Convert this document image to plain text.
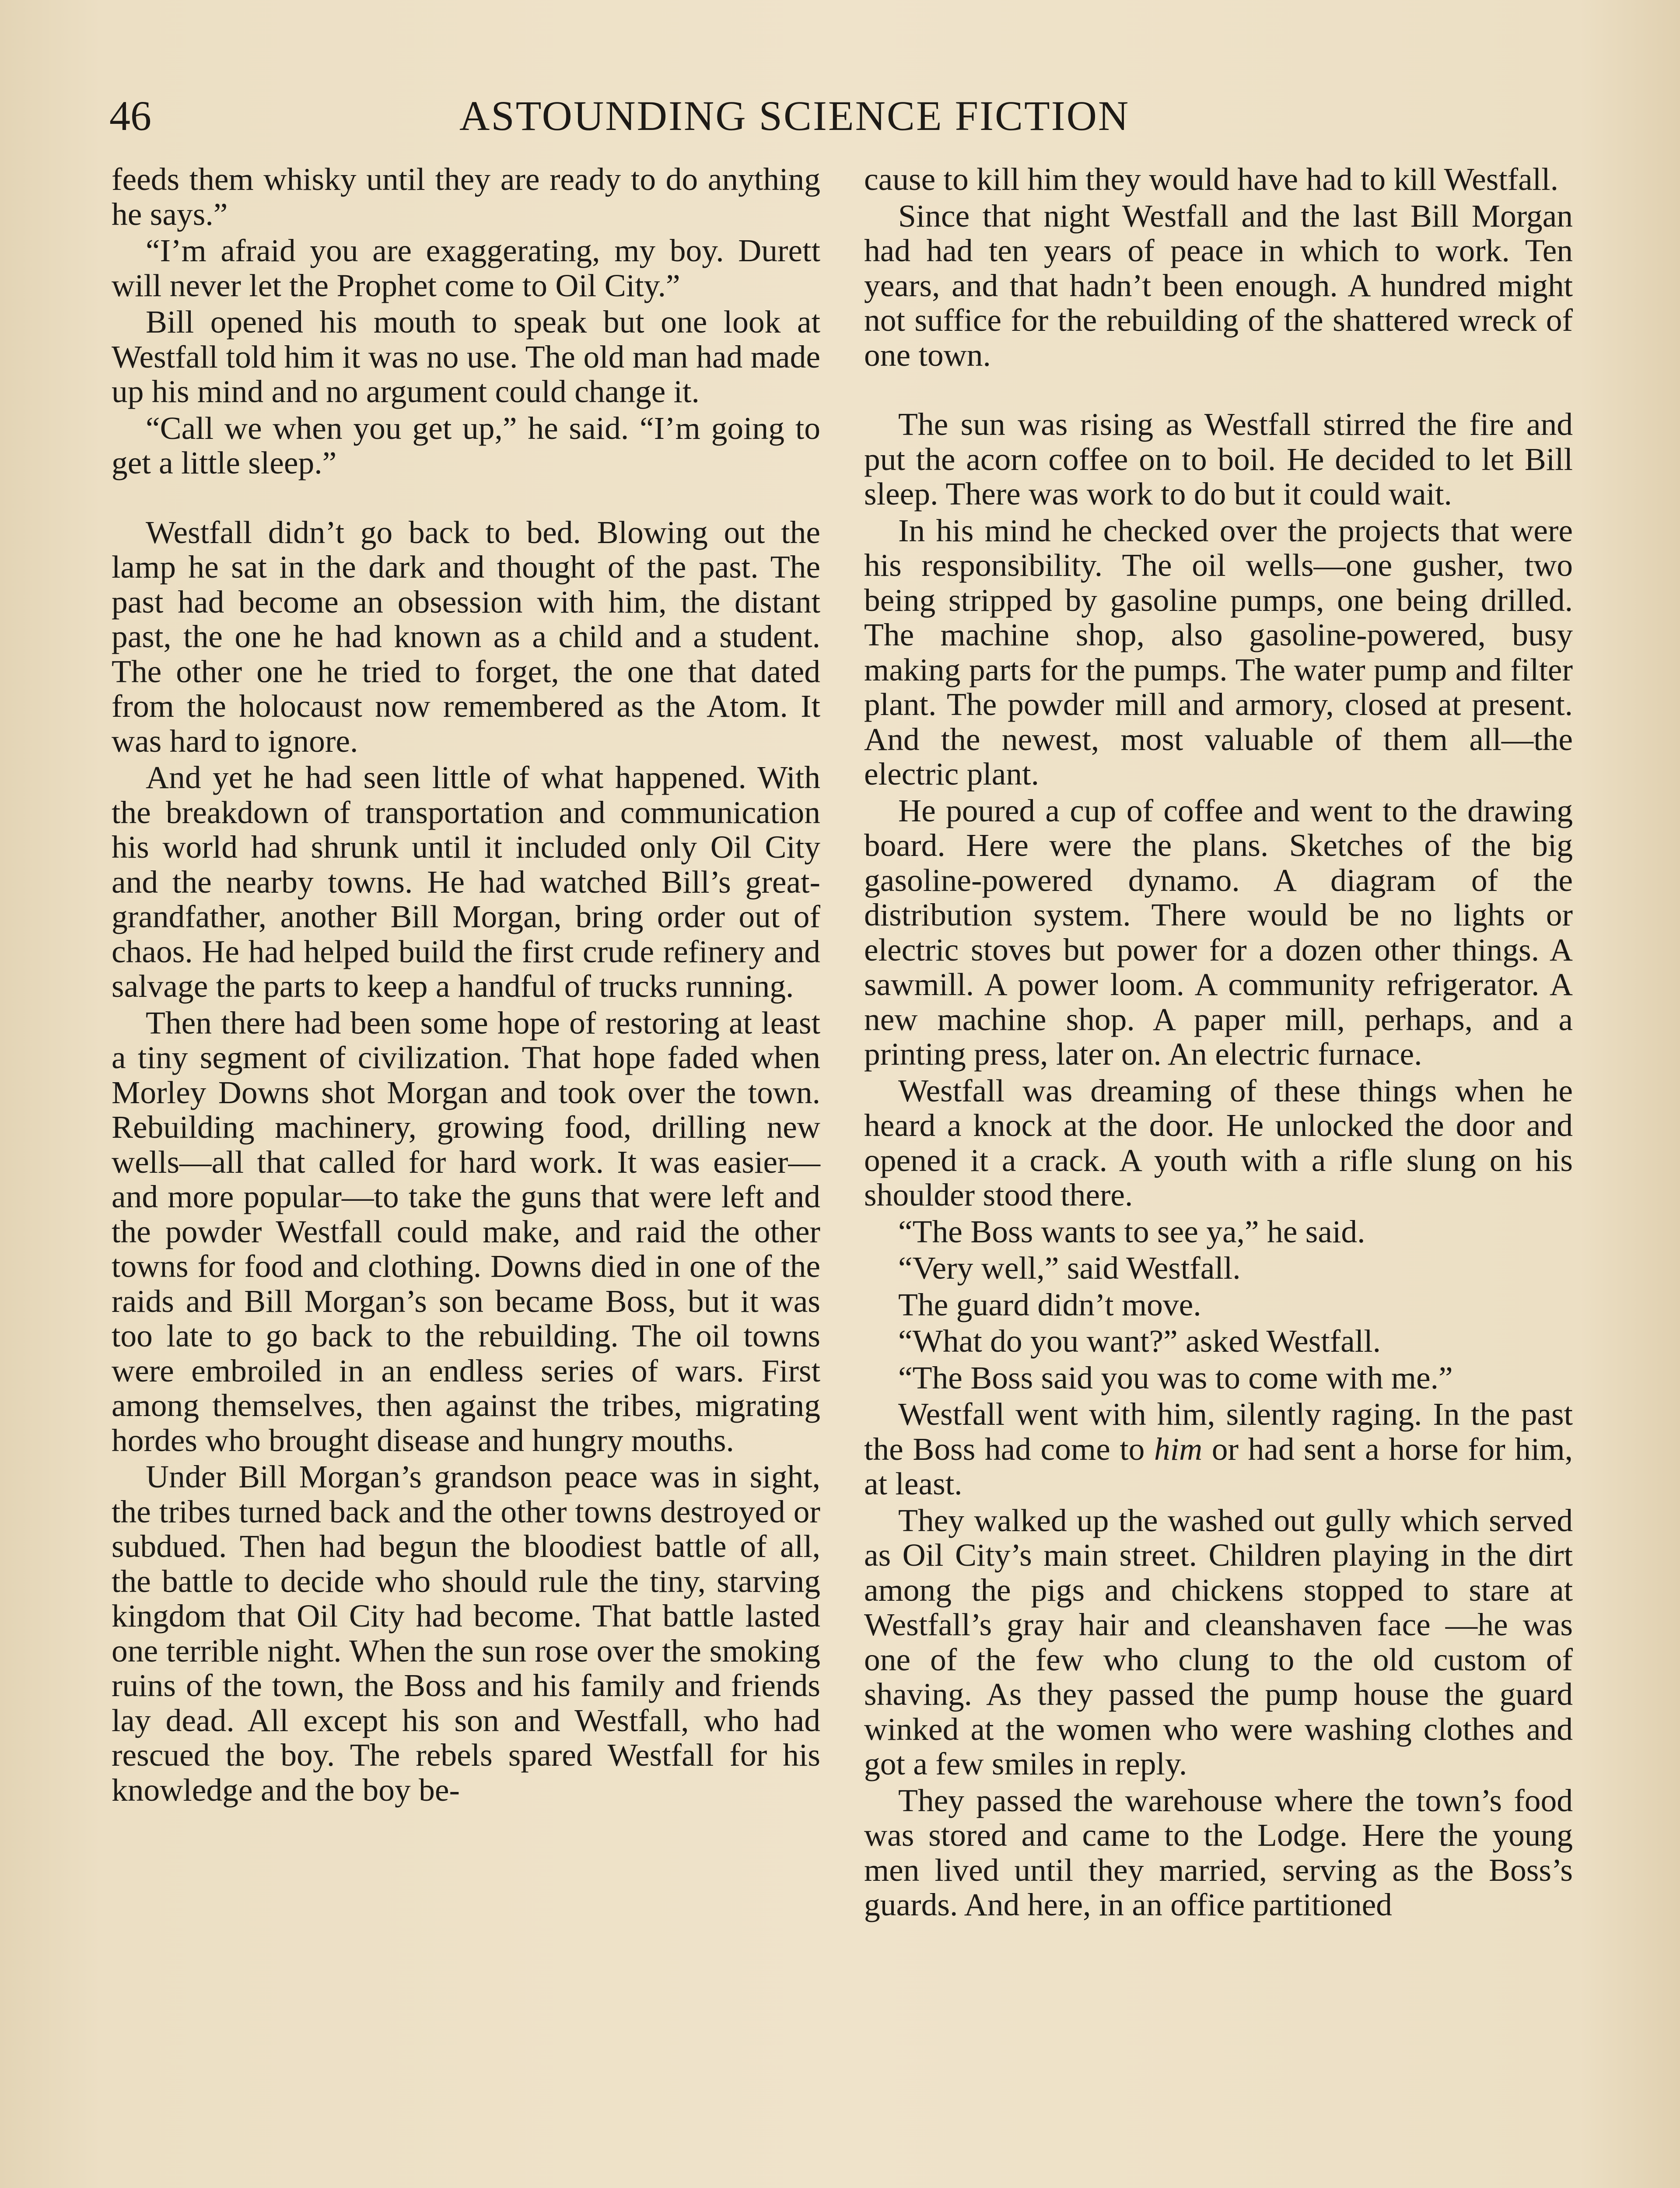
46	ASTOUNDING SCIENCE FICTION

feeds them whisky until they are ready to do anything he says.”

“I’m afraid you are exaggerating, my boy. Durett will never let the Prophet come to Oil City.”

Bill opened his mouth to speak but one look at Westfall told him it was no use. The old man had made up his mind and no argument could change it.

“Call we when you get up,” he said. “I’m going to get a little sleep.”

Westfall didn’t go back to bed. Blowing out the lamp he sat in the dark and thought of the past. The past had become an obsession with him, the distant past, the one he had known as a child and a student. The other one he tried to forget, the one that dated from the holocaust now remembered as the Atom. It was hard to ignore.

And yet he had seen little of what happened. With the breakdown of transportation and communication his world had shrunk until it included only Oil City and the nearby towns. He had watched Bill’s great-grandfather, another Bill Morgan, bring order out of chaos. He had helped build the first crude refinery and salvage the parts to keep a handful of trucks running.

Then there had been some hope of restoring at least a tiny segment of civilization. That hope faded when Morley Downs shot Morgan and took over the town. Rebuilding machinery, growing food, drilling new wells—all that called for hard work. It was easier—and more popular—to take the guns that were left and the powder Westfall could make, and raid the other towns for food and clothing. Downs died in one of the raids and Bill Morgan’s son became Boss, but it was too late to go back to the rebuilding. The oil towns were embroiled in an endless series of wars. First among themselves, then against the tribes, migrating hordes who brought disease and hungry mouths.

Under Bill Morgan’s grandson peace was in sight, the tribes turned back and the other towns destroyed or subdued. Then had begun the bloodiest battle of all, the battle to decide who should rule the tiny, starving kingdom that Oil City had become. That battle lasted one terrible night. When the sun rose over the smoking ruins of the town, the Boss and his family and friends lay dead. All except his son and Westfall, who had rescued the boy. The rebels spared Westfall for his knowledge and the boy be-

cause to kill him they would have had to kill Westfall.

Since that night Westfall and the last Bill Morgan had had ten years of peace in which to work. Ten years, and that hadn’t been enough. A hundred might not suffice for the rebuilding of the shattered wreck of one town.

The sun was rising as Westfall stirred the fire and put the acorn coffee on to boil. He decided to let Bill sleep. There was work to do but it could wait.

In his mind he checked over the projects that were his responsibility. The oil wells—one gusher, two being stripped by gasoline pumps, one being drilled. The machine shop, also gasoline-powered, busy making parts for the pumps. The water pump and filter plant. The powder mill and armory, closed at present. And the newest, most valuable of them all—the electric plant.

He poured a cup of coffee and went to the drawing board. Here were the plans. Sketches of the big gasoline-powered dynamo. A diagram of the distribution system. There would be no lights or electric stoves but power for a dozen other things. A sawmill. A power loom. A community refrigerator. A new machine shop. A paper mill, perhaps, and a printing press, later on. An electric furnace.

Westfall was dreaming of these things when he heard a knock at the door. He unlocked the door and opened it a crack. A youth with a rifle slung on his shoulder stood there.

“The Boss wants to see ya,” he said.

“Very well,” said Westfall.

The guard didn’t move.

“What do you want?” asked Westfall.

“The Boss said you was to come with me.”

Westfall went with him, silently raging. In the past the Boss had come to him or had sent a horse for him, at least.

They walked up the washed out gully which served as Oil City’s main street. Children playing in the dirt among the pigs and chickens stopped to stare at Westfall’s gray hair and cleanshaven face —he was one of the few who clung to the old custom of shaving. As they passed the pump house the guard winked at the women who were washing clothes and got a few smiles in reply.

They passed the warehouse where the town’s food was stored and came to the Lodge. Here the young men lived until they married, serving as the Boss’s guards. And here, in an office partitioned
